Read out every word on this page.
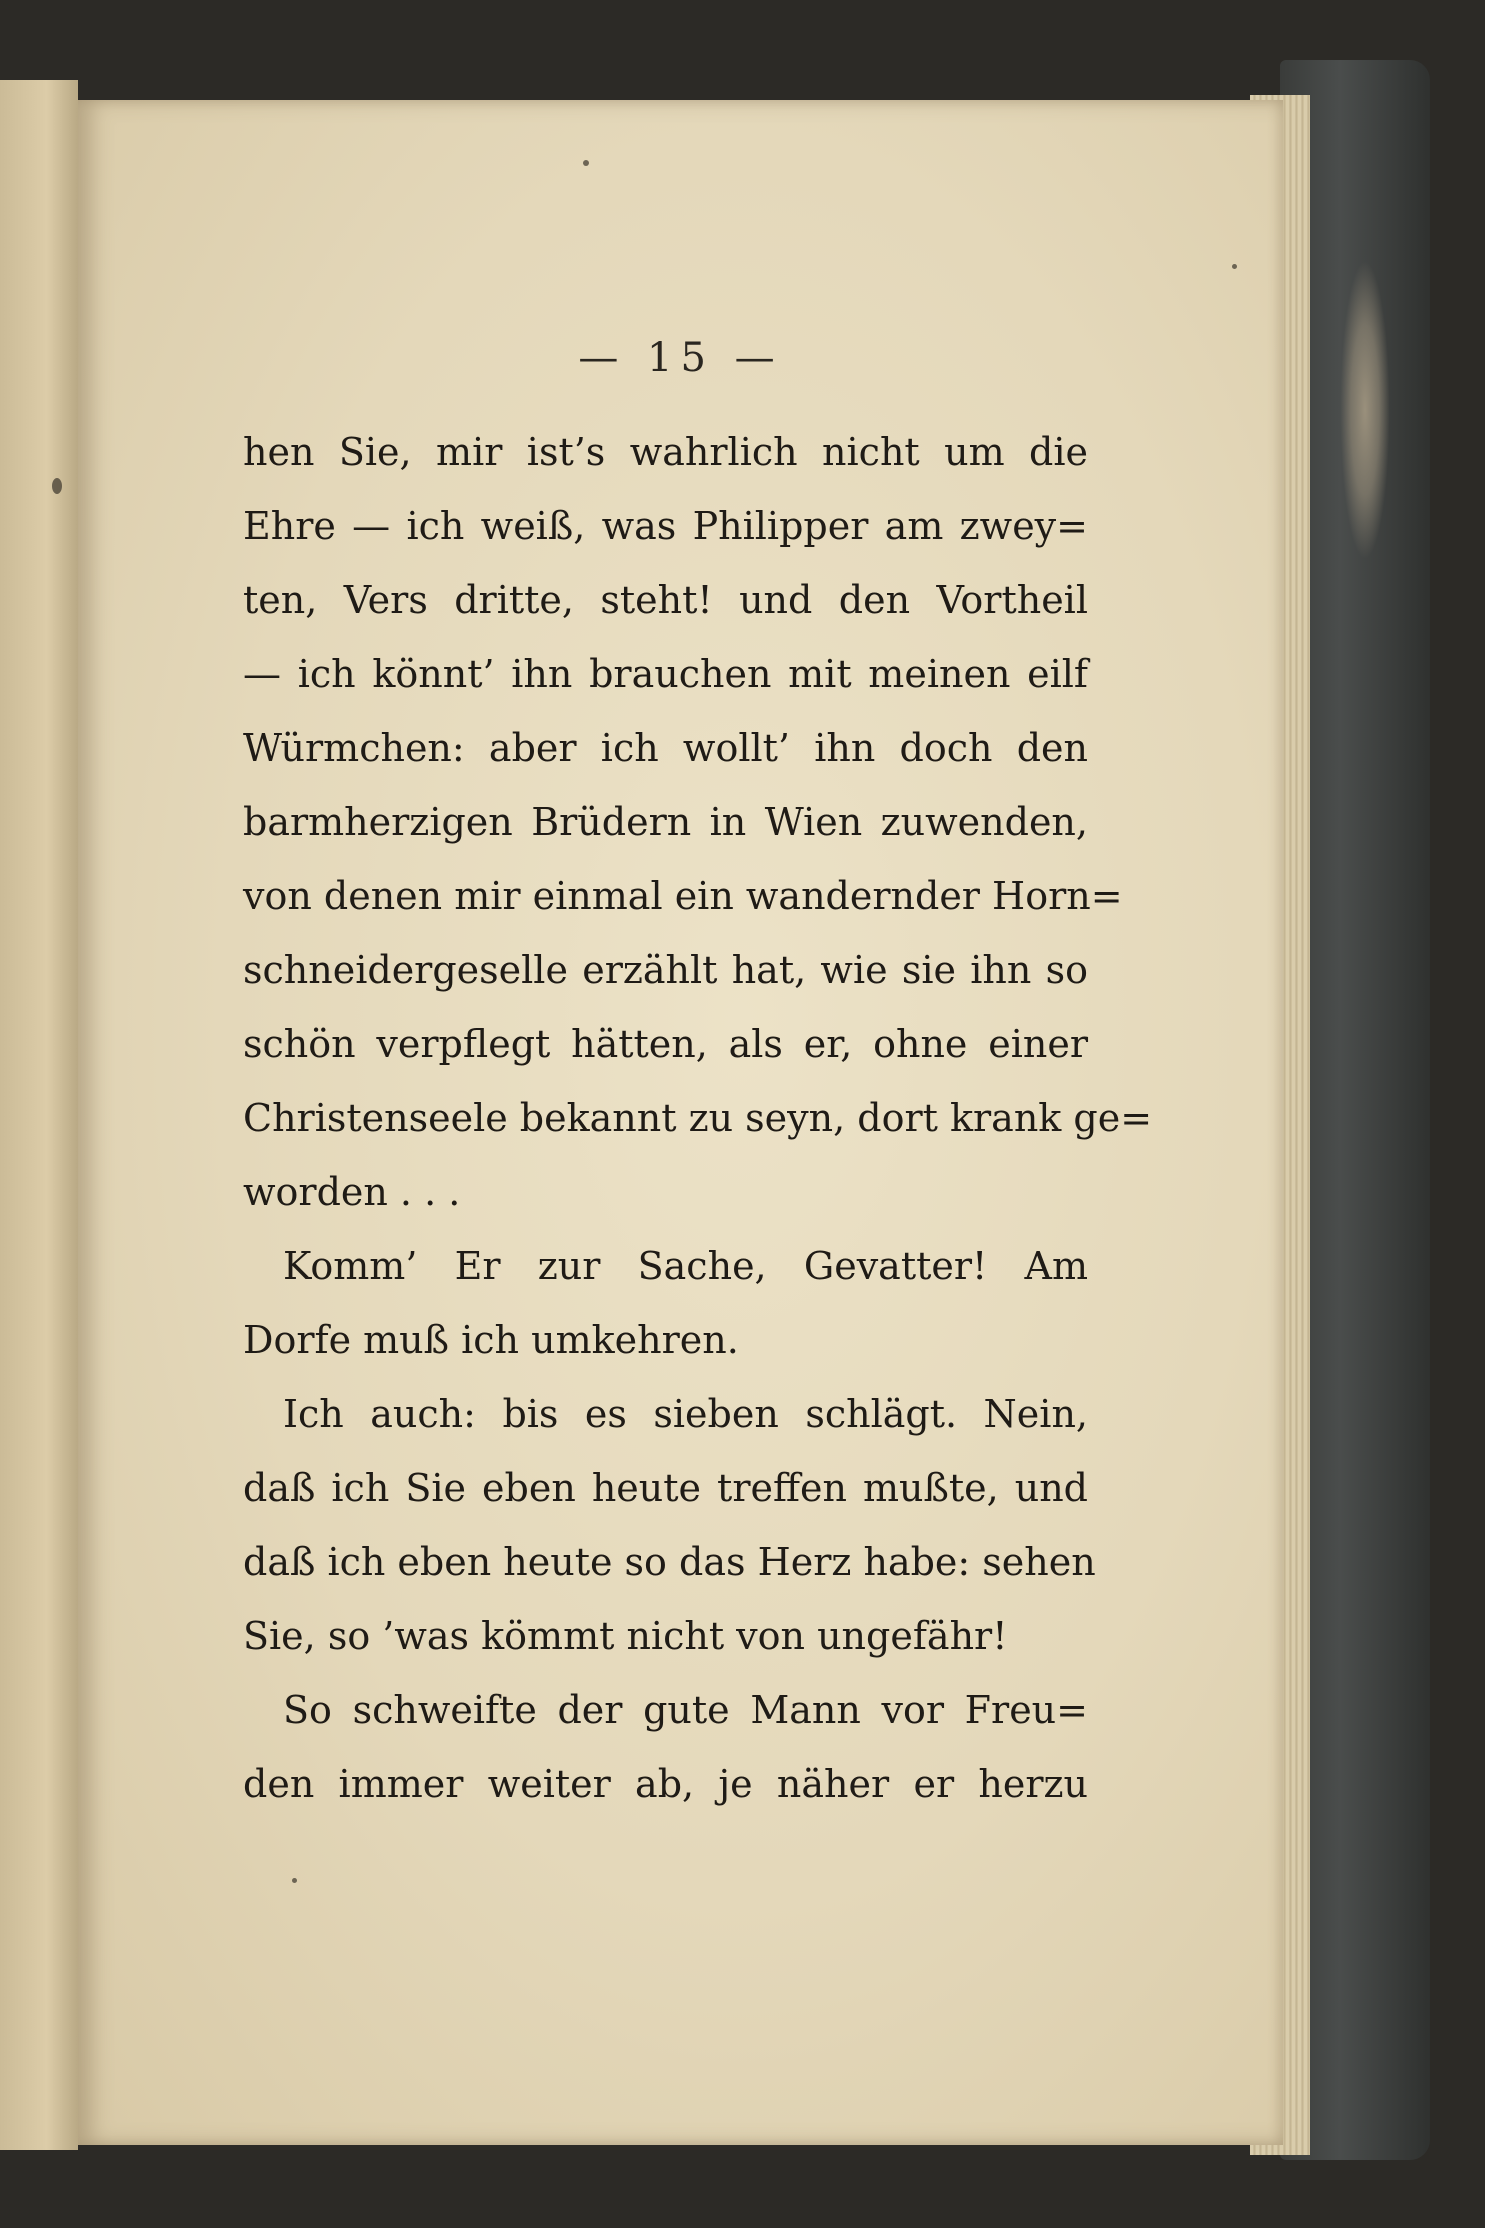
— 15 —
hen Sie, mir ist’s wahrlich nicht um die
Ehre — ich weiß, was Philipper am zwey=
ten, Vers dritte, steht! und den Vortheil
— ich könnt’ ihn brauchen mit meinen eilf
Würmchen: aber ich wollt’ ihn doch den
barmherzigen Brüdern in Wien zuwenden,
von denen mir einmal ein wandernder Horn=
schneidergeselle erzählt hat, wie sie ihn so
schön verpflegt hätten, als er, ohne einer
Christenseele bekannt zu seyn, dort krank ge=
worden . . .
Komm’ Er zur Sache, Gevatter! Am
Dorfe muß ich umkehren.
Ich auch: bis es sieben schlägt. Nein,
daß ich Sie eben heute treffen mußte, und
daß ich eben heute so das Herz habe: sehen
Sie, so ’was kömmt nicht von ungefähr!
So schweifte der gute Mann vor Freu=
den immer weiter ab, je näher er herzu
